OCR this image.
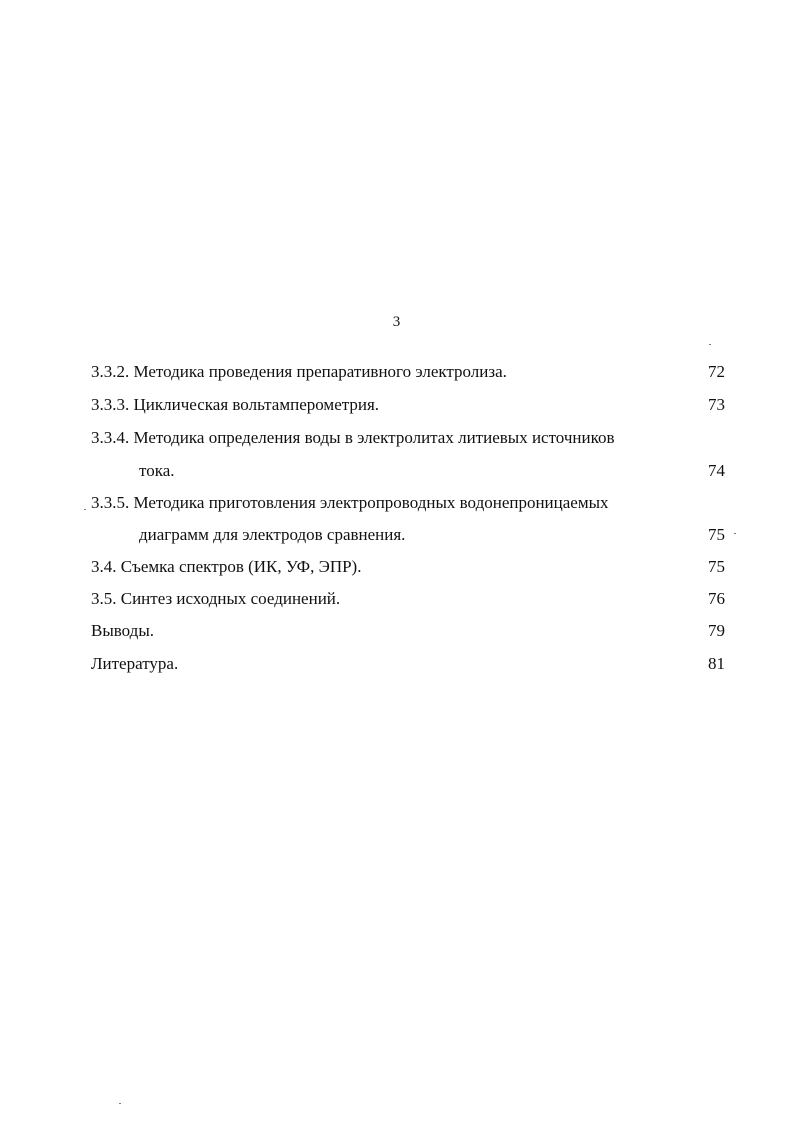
3
3.3.2. Методика проведения препаративного электролиза.	72
3.3.3. Циклическая вольтамперометрия.	73
3.3.4. Методика определения воды в электролитах литиевых источников
тока.	74
3.3.5. Методика приготовления электропроводных водонепроницаемых
диаграмм для электродов сравнения.	75
3.4. Съемка спектров (ИК, УФ, ЭПР).	75
3.5. Синтез исходных соединений.	76
Выводы.	79
Литература.	81
